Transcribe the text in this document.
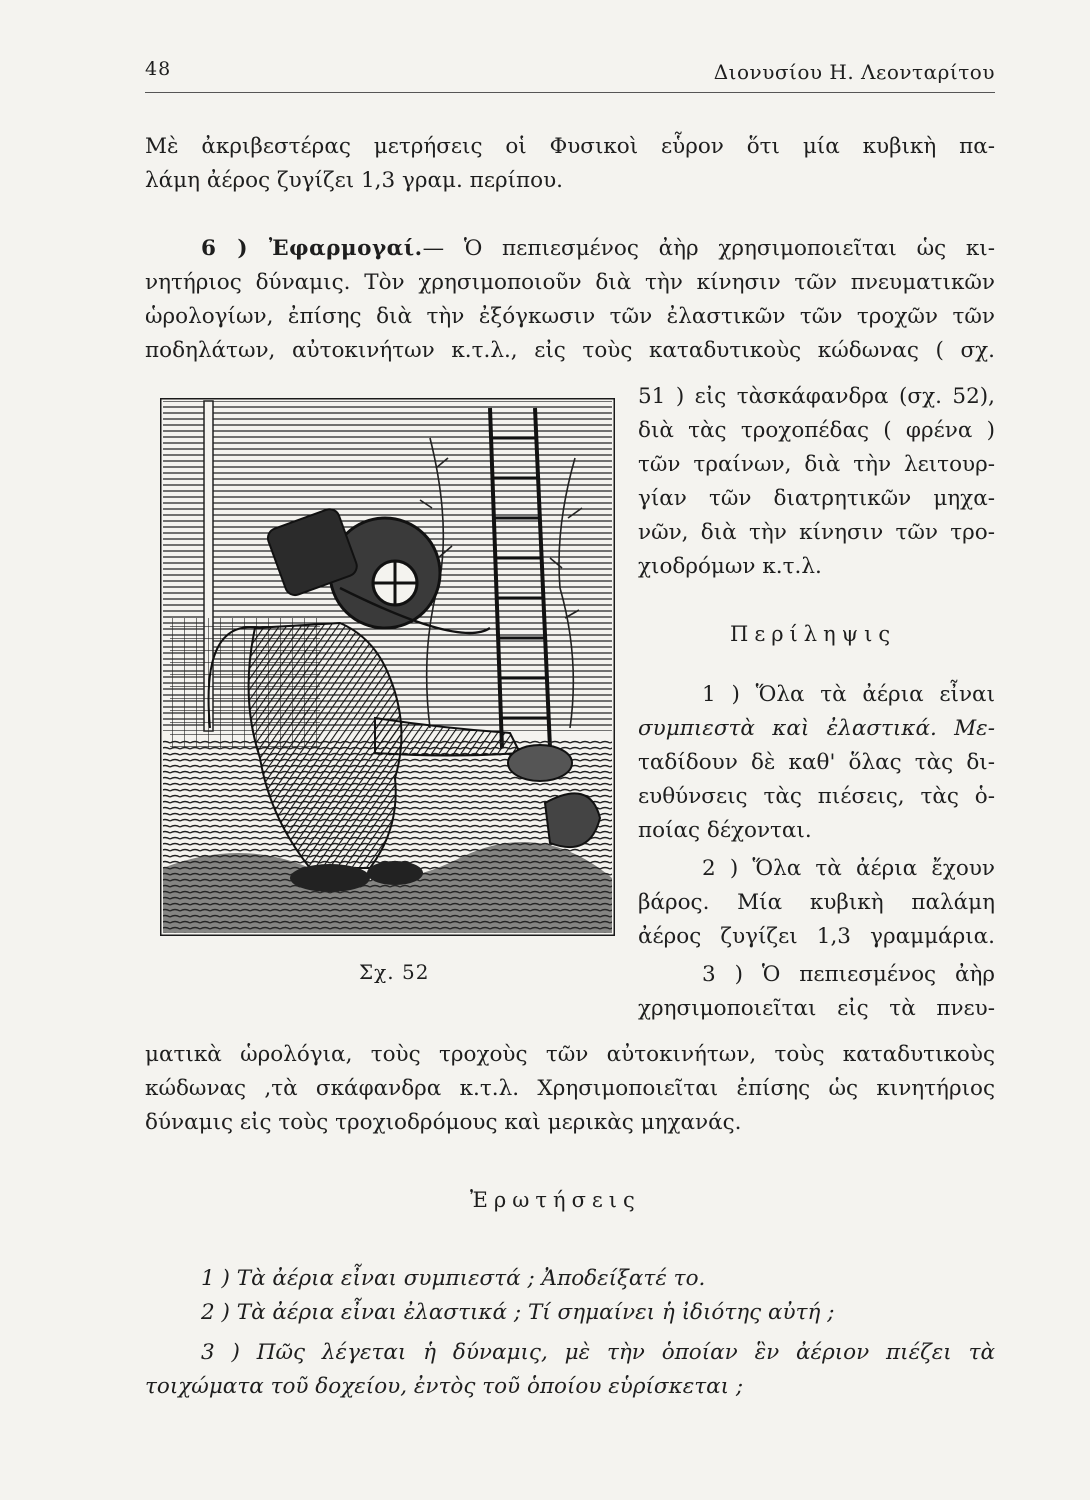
48	Διονυσίου Η. Λεονταρίτου

Μὲ ἀκριβεστέρας μετρήσεις οἱ Φυσικοὶ εὗρον ὅτι μία κυβικὴ πα-

λάμη ἀέρος ζυγίζει 1,3 γραμ. περίπου.

6 ) Ἐφαρμογαί.— Ὁ πεπιεσμένος ἀὴρ χρησιμοποιεῖται ὡς κι-

νητήριος δύναμις. Τὸν χρησιμοποιοῦν διὰ τὴν κίνησιν τῶν πνευματικῶν

ὡρολογίων, ἐπίσης διὰ τὴν ἐξόγκωσιν τῶν ἐλαστικῶν τῶν τροχῶν τῶν

ποδηλάτων, αὐτοκινήτων κ.τ.λ., εἰς τοὺς καταδυτικοὺς κώδωνας ( σχ.

51 ) εἰς τὰσκάφανδρα (σχ. 52),

διὰ τὰς τροχοπέδας ( φρένα )

τῶν τραίνων, διὰ τὴν λειτουρ-

γίαν τῶν διατρητικῶν μηχα-

νῶν, διὰ τὴν κίνησιν τῶν τρο-

χιοδρόμων κ.τ.λ.

Σχ. 52
Περίληψις

1 ) Ὅλα τὰ ἀέρια εἶναι

συμπιεστὰ καὶ ἐλαστικά. Με-

ταδίδουν δὲ καθ' ὅλας τὰς δι-

ευθύνσεις τὰς πιέσεις, τὰς ὁ-

ποίας δέχονται.

2 ) Ὅλα τὰ ἀέρια ἔχουν

βάρος. Μία κυβικὴ παλάμη

ἀέρος ζυγίζει 1,3 γραμμάρια.

3 ) Ὁ πεπιεσμένος ἀὴρ

χρησιμοποιεῖται εἰς τὰ πνευ-

ματικὰ ὡρολόγια, τοὺς τροχοὺς τῶν αὐτοκινήτων, τοὺς καταδυτικοὺς

κώδωνας ,τὰ σκάφανδρα κ.τ.λ. Χρησιμοποιεῖται ἐπίσης ὡς κινητήριος

δύναμις εἰς τοὺς τροχιοδρόμους καὶ μερικὰς μηχανάς.

Ἐρωτήσεις

1 ) Τὰ ἀέρια εἶναι συμπιεστά ; Ἀποδείξατέ το.

2 ) Τὰ ἀέρια εἶναι ἐλαστικά ; Τί σημαίνει ἡ ἰδιότης αὐτή ;

3 ) Πῶς λέγεται ἡ δύναμις, μὲ τὴν ὁποίαν ἓν ἀέριον πιέζει τὰ

τοιχώματα τοῦ δοχείου, ἐντὸς τοῦ ὁποίου εὑρίσκεται ;
